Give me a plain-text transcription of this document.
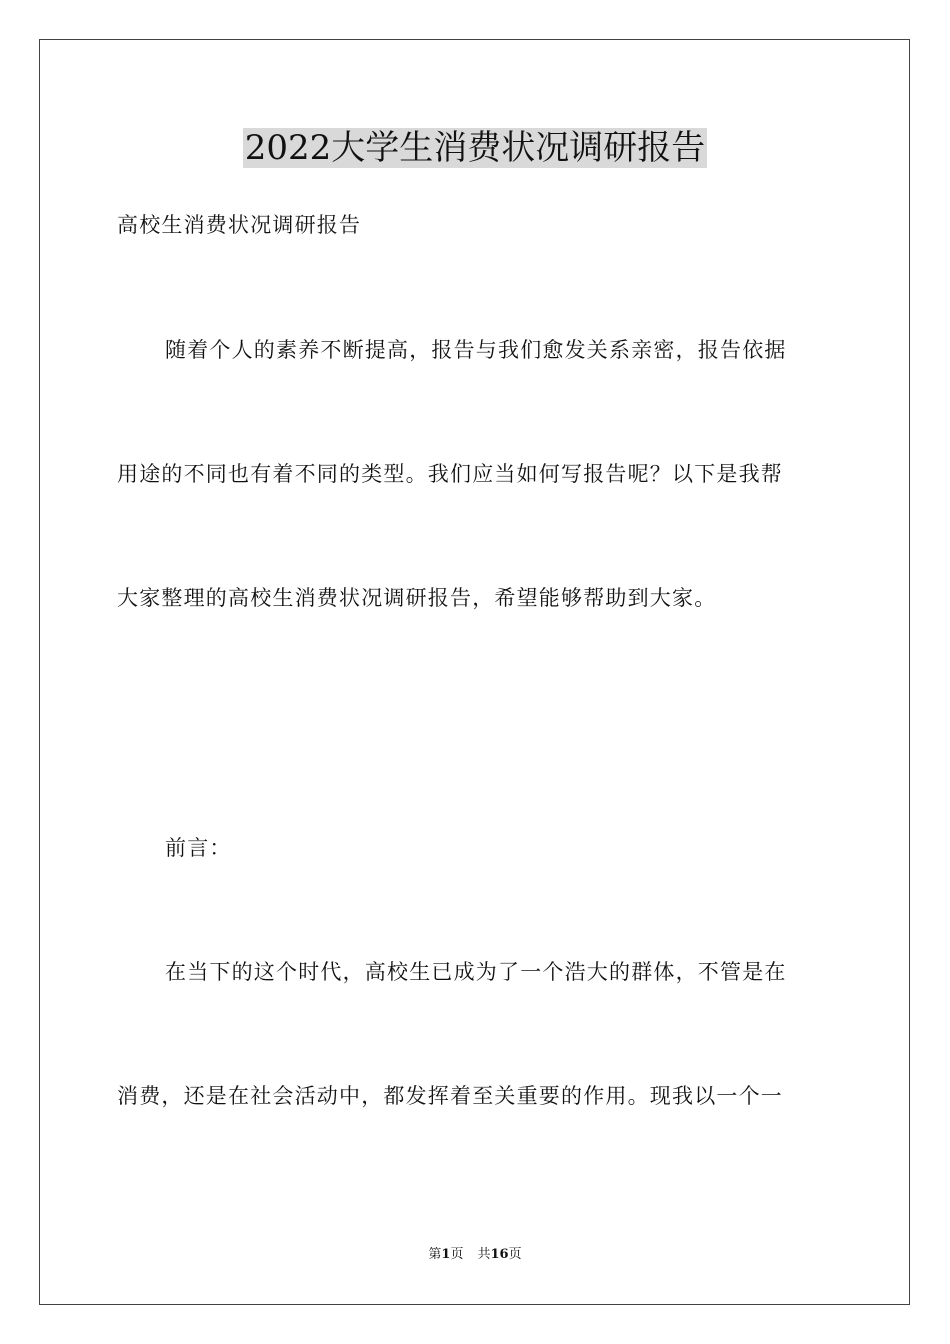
2022大学生消费状况调研报告
高校生消费状况调研报告
随着个人的素养不断提高，报告与我们愈发关系亲密，报告依据
用途的不同也有着不同的类型。我们应当如何写报告呢？以下是我帮
大家整理的高校生消费状况调研报告，希望能够帮助到大家。
前言：
在当下的这个时代，高校生已成为了一个浩大的群体，不管是在
消费，还是在社会活动中，都发挥着至关重要的作用。现我以一个一
第1页 共16页
